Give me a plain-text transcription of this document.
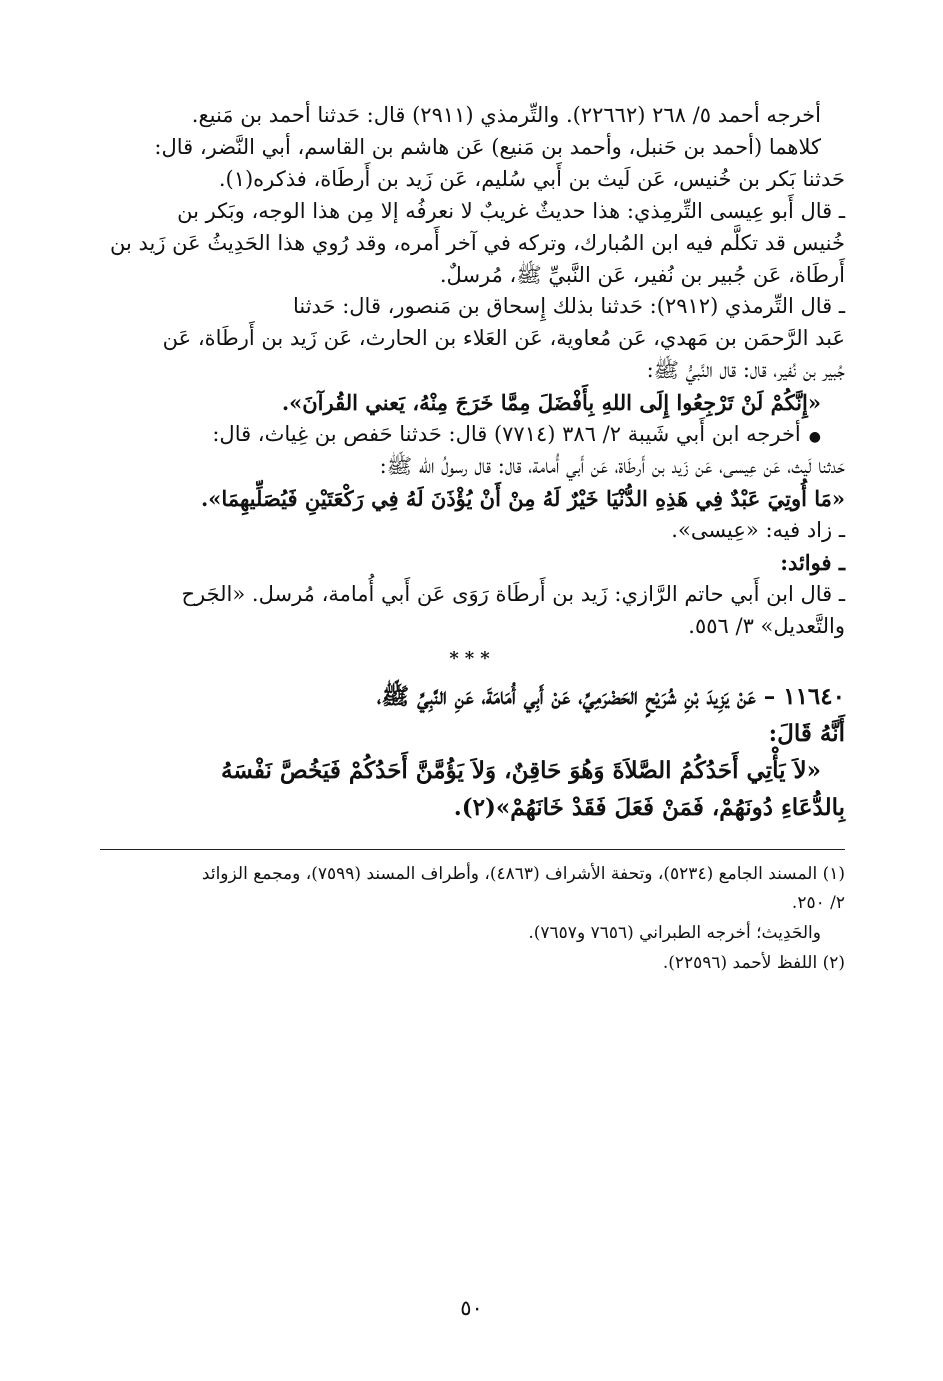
أخرجه أحمد ٥/ ٢٦٨ (٢٢٦٦٢). والتِّرمذي (٢٩١١) قال: حَدثنا أحمد بن مَنيع.
كلاهما (أحمد بن حَنبل، وأحمد بن مَنيع) عَن هاشم بن القاسم، أبي النَّضر، قال:
حَدثنا بَكر بن خُنيس، عَن لَيث بن أَبي سُليم، عَن زَيد بن أَرطَاة، فذكره(١).
ـ قال أَبو عِيسى التِّرمِذي: هذا حديثٌ غريبٌ لا نعرفُه إلا مِن هذا الوجه، وبَكر بن
خُنيس قد تكلَّم فيه ابن المُبارك، وتركه في آخر أَمره، وقد رُوي هذا الحَدِيثُ عَن زَيد بن
أَرطَاة، عَن جُبير بن نُفير، عَن النَّبيِّ ﷺ، مُرسلٌ.
ـ قال التِّرمذي (٢٩١٢): حَدثنا بذلك إِسحاق بن مَنصور، قال: حَدثنا
عَبد الرَّحمَن بن مَهدي، عَن مُعاوية، عَن العَلاء بن الحارث، عَن زَيد بن أَرطَاة، عَن
جُبير بن نُفير، قال: قال النَّبيُّ ﷺ:
«إِنَّكُمْ لَنْ تَرْجِعُوا إِلَى اللهِ بِأَفْضَلَ مِمَّا خَرَجَ مِنْهُ، يَعني القُرآنَ».
● أخرجه ابن أَبي شَيبة ٢/ ٣٨٦ (٧٧١٤) قال: حَدثنا حَفص بن غِياث، قال:
حَدثنا لَيث، عَن عِيسى، عَن زَيد بن أَرطَاة، عَن أَبي أُمامة، قال: قال رسولُ الله ﷺ:
«مَا أُوتِيَ عَبْدٌ فِي هَذِهِ الدُّنْيَا خَيْرٌ لَهُ مِنْ أَنْ يُؤْذَنَ لَهُ فِي رَكْعَتَيْنِ فَيُصَلِّيهِمَا».
ـ زاد فيه: «عِيسى».
ـ فوائد:
ـ قال ابن أَبي حاتم الرَّازي: زَيد بن أَرطَاة رَوَى عَن أَبي أُمامة، مُرسل. «الجَرح
والتَّعديل» ٣/ ٥٥٦.
***
١١٦٤٠ – عَنْ يَزِيدَ بْنِ شُرَيْحٍ الحَضْرَمِيِّ، عَنْ أَبِي أُمَامَةَ، عَنِ النَّبِيِّ ﷺ،
أَنَّهُ قَالَ:
«لاَ يَأْتِي أَحَدُكُمُ الصَّلاَةَ وَهُوَ حَاقِنٌ، وَلاَ يَؤُمَّنَّ أَحَدُكُمْ فَيَخُصَّ نَفْسَهُ
بِالدُّعَاءِ دُونَهُمْ، فَمَنْ فَعَلَ فَقَدْ خَانَهُمْ»(٢).
(١) المسند الجامع (٥٢٣٤)، وتحفة الأشراف (٤٨٦٣)، وأطراف المسند (٧٥٩٩)، ومجمع الزوائد
٢/ ٢٥٠.
والحَدِيث؛ أخرجه الطبراني (٧٦٥٦ و٧٦٥٧).
(٢) اللفظ لأحمد (٢٢٥٩٦).
٥٠
